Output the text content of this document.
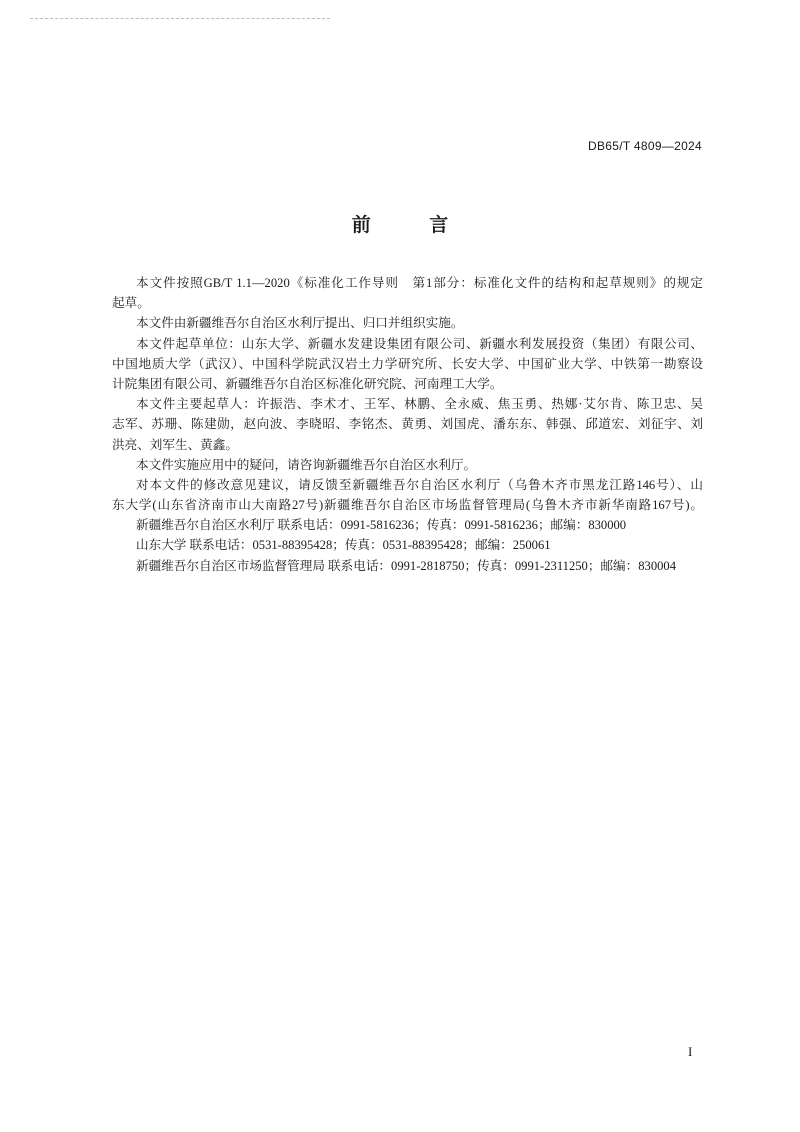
DB65/T 4809—2024
前 言
本文件按照GB/T 1.1—2020《标准化工作导则　第1部分：标准化文件的结构和起草规则》的规定
起草。
本文件由新疆维吾尔自治区水利厅提出、归口并组织实施。
本文件起草单位：山东大学、新疆水发建设集团有限公司、新疆水利发展投资（集团）有限公司、
中国地质大学（武汉）、中国科学院武汉岩土力学研究所、长安大学、中国矿业大学、中铁第一勘察设
计院集团有限公司、新疆维吾尔自治区标准化研究院、河南理工大学。
本文件主要起草人：许振浩、李术才、王军、林鹏、全永威、焦玉勇、热娜·艾尔肯、陈卫忠、吴
志军、苏珊、陈建勋，赵向波、李晓昭、李铭杰、黄勇、刘国虎、潘东东、韩强、邱道宏、刘征宇、刘
洪亮、刘军生、黄鑫。
本文件实施应用中的疑问，请咨询新疆维吾尔自治区水利厅。
对本文件的修改意见建议，请反馈至新疆维吾尔自治区水利厅（乌鲁木齐市黑龙江路146号）、山
东大学(山东省济南市山大南路27号)新疆维吾尔自治区市场监督管理局(乌鲁木齐市新华南路167号)。
新疆维吾尔自治区水利厅 联系电话：0991-5816236；传真：0991-5816236；邮编：830000
山东大学 联系电话：0531-88395428；传真：0531-88395428；邮编：250061
新疆维吾尔自治区市场监督管理局 联系电话：0991-2818750；传真：0991-2311250；邮编：830004
I
